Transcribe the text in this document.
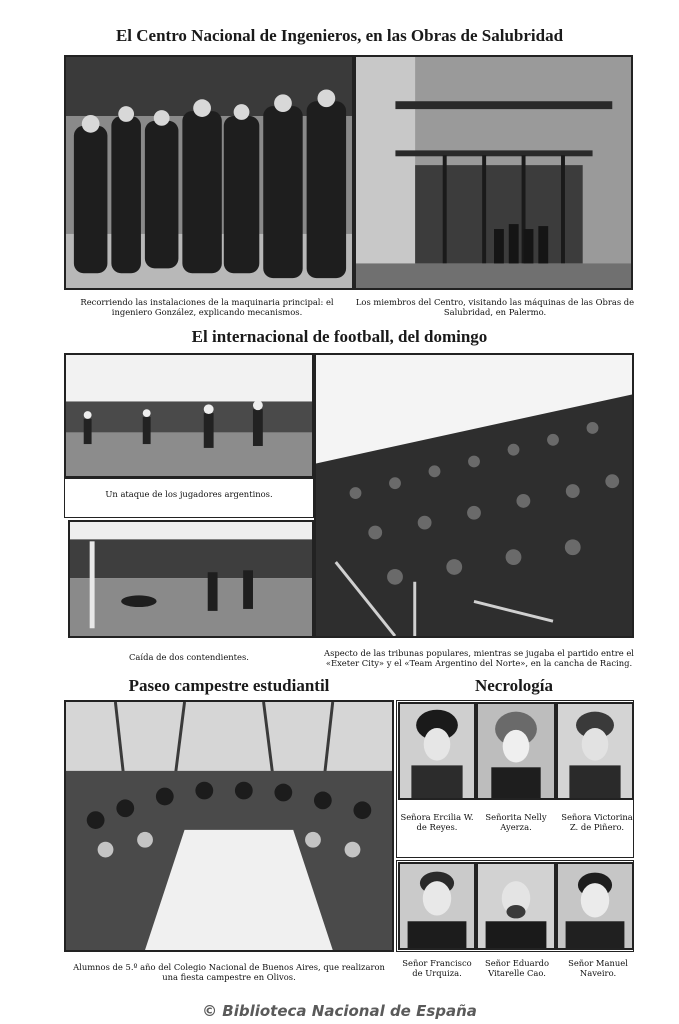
El Centro Nacional de Ingenieros, en las Obras de Salubridad
Recorriendo las instalaciones de la maquinaria principal: el ingeniero González, explicando mecanismos.
Los miembros del Centro, visitando las máquinas de las Obras de Salubridad, en Palermo.
El internacional de football, del domingo
Un ataque de los jugadores argentinos.
Caída de dos contendientes.	Aspecto de las tribunas populares, mientras se jugaba el partido entre el «Exeter City» y el «Team Argentino del Norte», en la cancha de Racing.
Paseo campestre estudiantil
Alumnos de 5.º año del Colegio Nacional de Buenos Aires, que realizaron una fiesta campestre en Olivos.
Necrología
Señora Ercilia W. de Reyes.
Señorita Nelly Ayerza.
Señora Victorina Z. de Piñero.
Señor Francisco de Urquiza.
Señor Eduardo Vitarelle Cao.
Señor Manuel Naveiro.
© Biblioteca Nacional de España
